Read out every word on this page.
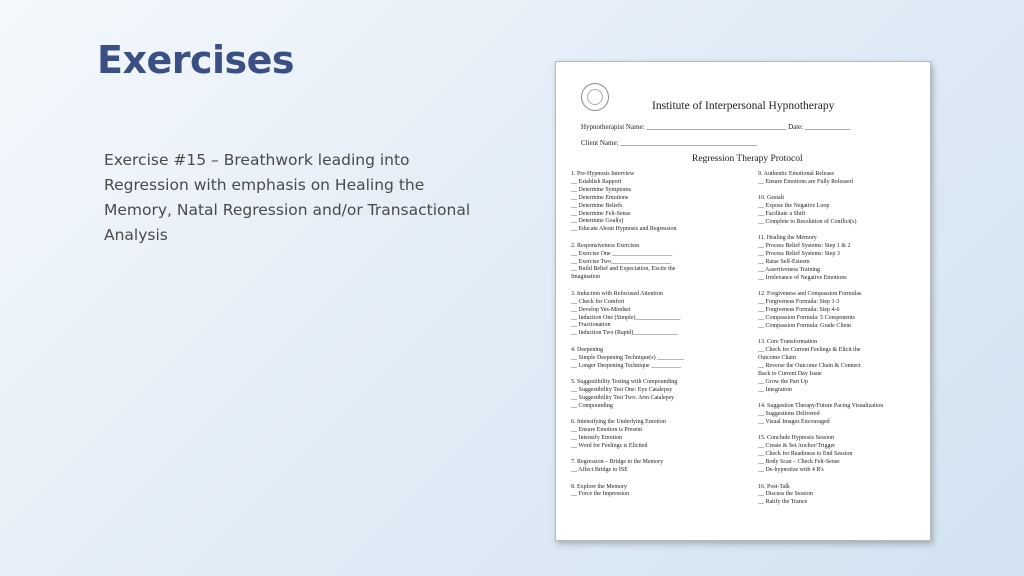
Exercises
Exercise #15 – Breathwork leading into Regression with emphasis on Healing the Memory, Natal Regression and/or Transactional Analysis
Institute of Interpersonal Hypnotherapy
Hypnotherapist Name: ________________________________________ Date: _____________
Client Name: _______________________________________
Regression Therapy Protocol
1. Pre-Hypnosis Interview
__ Establish Rapport
__ Determine Symptoms
__ Determine Emotions
__ Determine Beliefs
__ Determine Felt-Sense
__ Determine Goal(s)
__ Educate About Hypnosis and Regression
2. Responsiveness Exercises
__ Exercise One ____________________
__ Exercise Two____________________
__ Build Belief and Expectation, Excite the
Imagination
3. Induction with Refocused Attention
__ Check for Comfort
__ Develop Yes-Mindset
__ Induction One (Simple)_______________
__ Fractionation
__ Induction Two (Rapid)_______________
4. Deepening
__ Simple Deepening Technique(s) _________
__ Longer Deepening Technique __________
5. Suggestibility Testing with Compounding
__ Suggestibility Test One: Eye Catalepsy
__ Suggestibility Test Two: Arm Catalepsy
__ Compounding
6. Intensifying the Underlying Emotion
__ Ensure Emotion is Present
__ Intensify Emotion
__ Word for Feelings is Elicited
7. Regression – Bridge to the Memory
__ Affect Bridge to ISE
8. Explore the Memory
__ Force the Impression
9. Authentic Emotional Release
__ Ensure Emotions are Fully Released
10. Gestalt
__ Expose the Negative Loop
__ Facilitate a Shift
__ Complete to Resolution of Conflict(s)
11. Healing the Memory
__ Process Belief Systems: Step 1 & 2
__ Process Belief Systems: Step 3
__ Raise Self-Esteem
__ Assertiveness Training
__ Irrelevance of Negative Emotions
12. Forgiveness and Compassion Formulas
__ Forgiveness Formula: Step 1-3
__ Forgiveness Formula: Step 4-6
__ Compassion Formula: 5 Components
__ Compassion Formula: Grade Client
13. Core Transformation
__ Check for Current Feelings & Elicit the
Outcome Chain
__ Reverse the Outcome Chain & Connect
Back to Current Day Issue
__ Grow the Part Up
__ Integration
14. Suggestion Therapy/Future Pacing Visualization
__ Suggestions Delivered
__ Visual Images Encouraged
15. Conclude Hypnosis Session
__ Create & Set Anchor/Trigger
__ Check for Readiness to End Session
__ Body Scan – Check Felt-Sense
__ De-hypnotize with 4 R's
16. Post-Talk
__ Discuss the Session
__ Ratify the Trance
